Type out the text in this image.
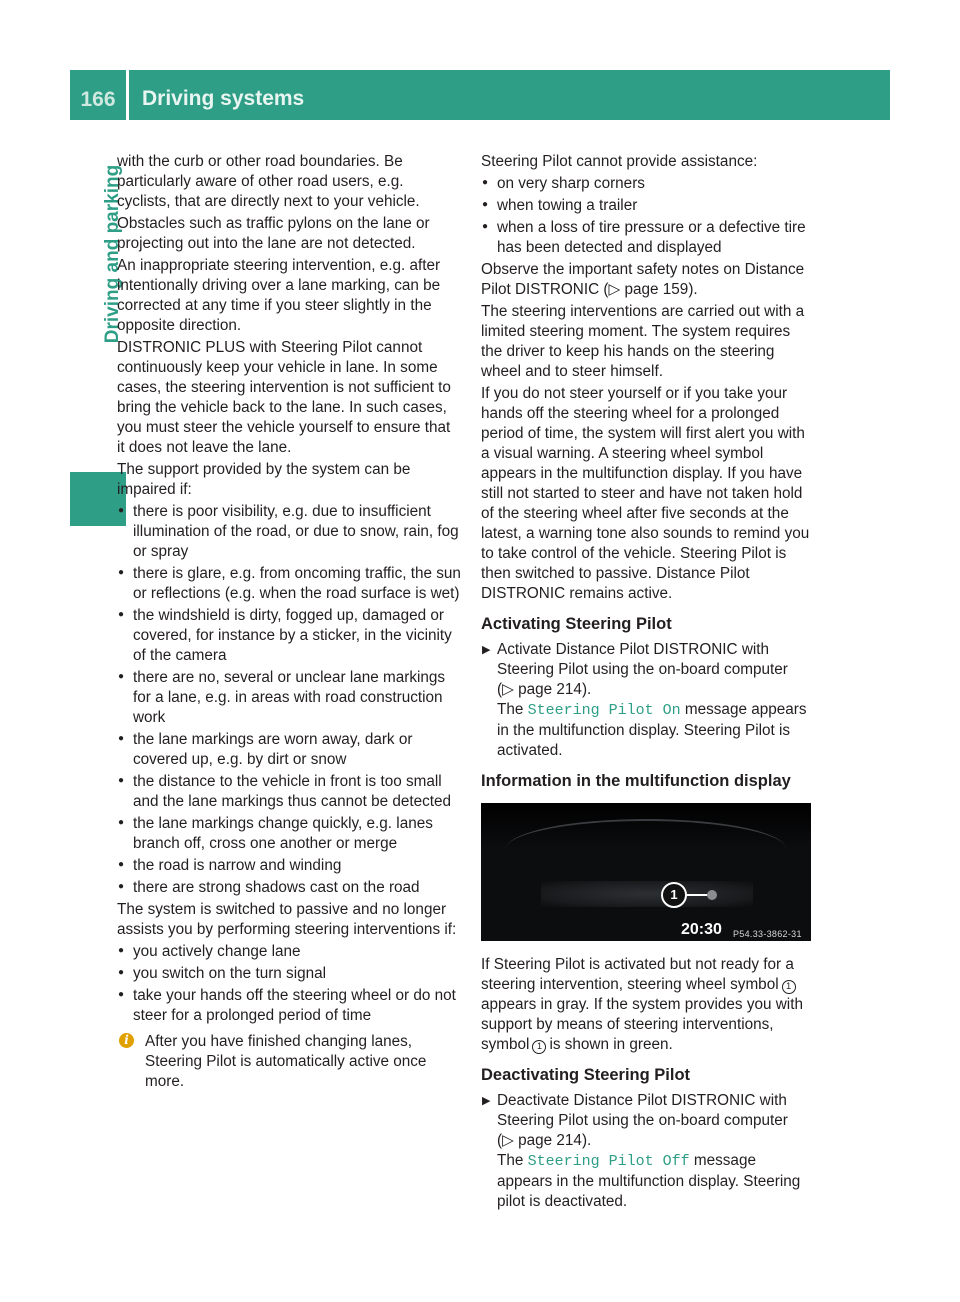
166	Driving systems
Driving and parking

with the curb or other road boundaries. Be particularly aware of other road users, e.g. cyclists, that are directly next to your vehicle.

Obstacles such as traffic pylons on the lane or projecting out into the lane are not detected.

An inappropriate steering intervention, e.g. after intentionally driving over a lane marking, can be corrected at any time if you steer slightly in the opposite direction.

DISTRONIC PLUS with Steering Pilot cannot continuously keep your vehicle in lane. In some cases, the steering intervention is not sufficient to bring the vehicle back to the lane. In such cases, you must steer the vehicle yourself to ensure that it does not leave the lane.

The support provided by the system can be impaired if:

● there is poor visibility, e.g. due to insufficient illumination of the road, or due to snow, rain, fog or spray
● there is glare, e.g. from oncoming traffic, the sun or reflections (e.g. when the road surface is wet)
● the windshield is dirty, fogged up, damaged or covered, for instance by a sticker, in the vicinity of the camera
● there are no, several or unclear lane markings for a lane, e.g. in areas with road construction work
● the lane markings are worn away, dark or covered up, e.g. by dirt or snow
● the distance to the vehicle in front is too small and the lane markings thus cannot be detected
● the lane markings change quickly, e.g. lanes branch off, cross one another or merge
● the road is narrow and winding
● there are strong shadows cast on the road

The system is switched to passive and no longer assists you by performing steering interventions if:

● you actively change lane
● you switch on the turn signal
● take your hands off the steering wheel or do not steer for a prolonged period of time
i	After you have finished changing lanes, Steering Pilot is automatically active once more.

Steering Pilot cannot provide assistance:

● on very sharp corners
● when towing a trailer
● when a loss of tire pressure or a defective tire has been detected and displayed

Observe the important safety notes on Distance Pilot DISTRONIC (▷ page 159).

The steering interventions are carried out with a limited steering moment. The system requires the driver to keep his hands on the steering wheel and to steer himself.

If you do not steer yourself or if you take your hands off the steering wheel for a prolonged period of time, the system will first alert you with a visual warning. A steering wheel symbol appears in the multifunction display. If you have still not started to steer and have not taken hold of the steering wheel after five seconds at the latest, a warning tone also sounds to remind you to take control of the vehicle. Steering Pilot is then switched to passive. Distance Pilot DISTRONIC remains active.

Activating Steering Pilot
▶ Activate Distance Pilot DISTRONIC with Steering Pilot using the on-board computer
(▷ page 214).
The Steering Pilot On message appears in the multifunction display. Steering Pilot is activated.
Information in the multifunction display
1
20:30 P54.33-3862-31

If Steering Pilot is activated but not ready for a steering intervention, steering wheel symbol 1appears in gray. If the system provides you with support by means of steering interventions, symbol 1 is shown in green.

Deactivating Steering Pilot
▶ Deactivate Distance Pilot DISTRONIC with Steering Pilot using the on-board computer
(▷ page 214).
The Steering Pilot Off message appears in the multifunction display. Steering pilot is deactivated.
